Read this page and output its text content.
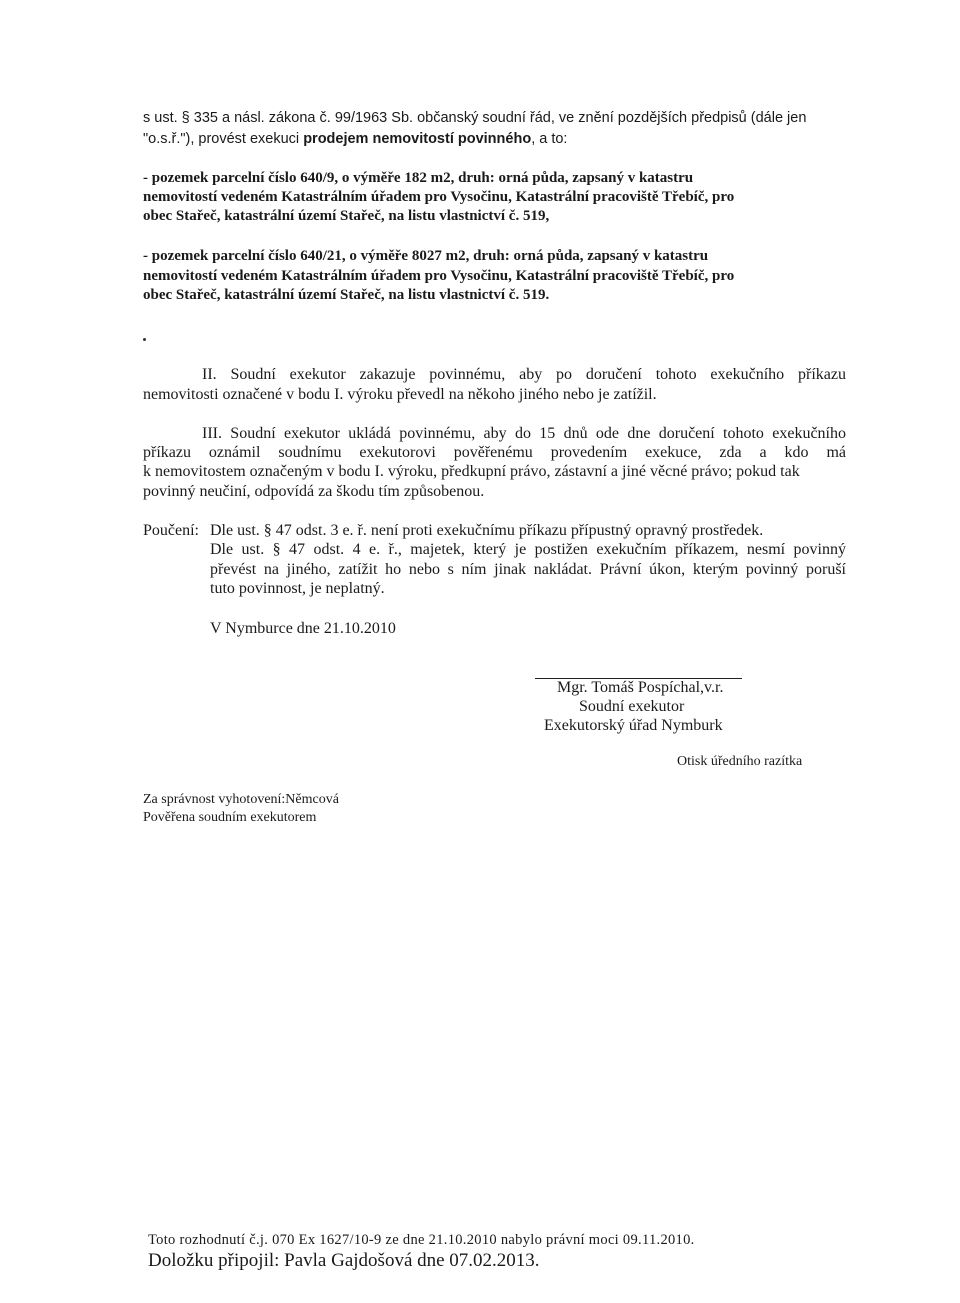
s ust. § 335 a násl. zákona č. 99/1963 Sb. občanský soudní řád, ve znění pozdějších předpisů (dále jen
"o.s.ř."), provést exekuci prodejem nemovitostí povinného, a to:
- pozemek parcelní číslo 640/9, o výměře 182 m2, druh: orná půda, zapsaný v katastru
nemovitostí vedeném Katastrálním úřadem pro Vysočinu, Katastrální pracoviště Třebíč, pro
obec Stařeč, katastrální území Stařeč, na listu vlastnictví č. 519,
- pozemek parcelní číslo 640/21, o výměře 8027 m2, druh: orná půda, zapsaný v katastru
nemovitostí vedeném Katastrálním úřadem pro Vysočinu, Katastrální pracoviště Třebíč, pro
obec Stařeč, katastrální území Stařeč, na listu vlastnictví č. 519.
II. Soudní exekutor zakazuje povinnému, aby po doručení tohoto exekučního příkazu
nemovitosti označené v bodu I. výroku převedl na někoho jiného nebo je zatížil.
III. Soudní exekutor ukládá povinnému, aby do 15 dnů ode dne doručení tohoto exekučního
příkazu oznámil soudnímu exekutorovi pověřenému provedením exekuce, zda a kdo má
k nemovitostem označeným v bodu I. výroku, předkupní právo, zástavní a jiné věcné právo; pokud tak
povinný neučiní, odpovídá za škodu tím způsobenou.
Poučení: Dle ust. § 47 odst. 3 e. ř. není proti exekučnímu příkazu přípustný opravný prostředek.
Dle ust. § 47 odst. 4 e. ř., majetek, který je postižen exekučním příkazem, nesmí povinný
převést na jiného, zatížit ho nebo s ním jinak nakládat. Právní úkon, kterým povinný poruší
tuto povinnost, je neplatný.
V Nymburce dne 21.10.2010
Mgr. Tomáš Pospíchal,v.r.
Soudní exekutor
Exekutorský úřad Nymburk
Otisk úředního razítka
Za správnost vyhotovení:Němcová
Pověřena soudním exekutorem
Toto rozhodnutí č.j. 070 Ex 1627/10-9 ze dne 21.10.2010 nabylo právní moci 09.11.2010.
Doložku připojil: Pavla Gajdošová dne 07.02.2013.
